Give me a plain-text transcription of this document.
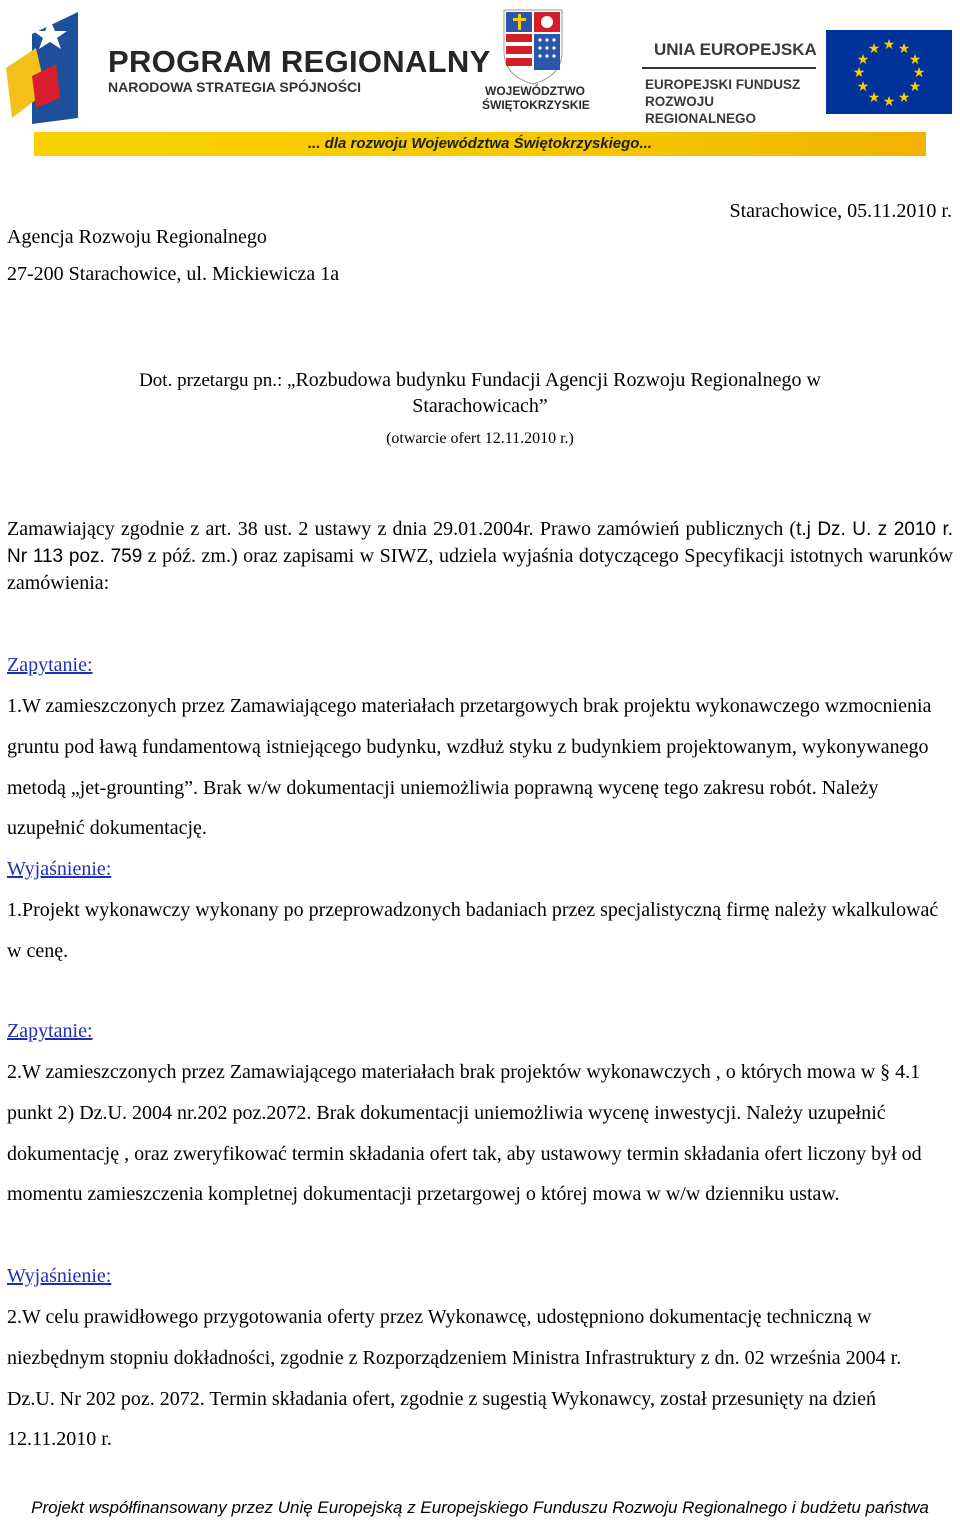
PROGRAM REGIONALNY
NARODOWA STRATEGIA SPÓJNOŚCI	WOJEWÓDZTWO
ŚWIĘTOKRZYSKIE
UNIA EUROPEJSKA
EUROPEJSKI FUNDUSZ
ROZWOJU REGIONALNEGO
★ ★
★
★
★
★
★
★
★
★
★
★
... dla rozwoju Województwa Świętokrzyskiego...
Agencja Rozwoju Regionalnego
27-200 Starachowice, ul. Mickiewicza 1a
Starachowice, 05.11.2010 r.
Dot. przetargu pn.: „Rozbudowa budynku Fundacji Agencji Rozwoju Regionalnego w
Starachowicach”
(otwarcie ofert 12.11.2010 r.)
Zamawiający zgodnie z art. 38 ust. 2 ustawy z dnia 29.01.2004r. Prawo zamówień publicznych (t.j Dz. U. z 2010 r. Nr 113 poz. 759 z póź. zm.) oraz zapisami w SIWZ, udziela wyjaśnia dotyczącego Specyfikacji istotnych warunków zamówienia:
Zapytanie:
1.W zamieszczonych przez Zamawiającego materiałach przetargowych brak projektu wykonawczego wzmocnienia gruntu pod ławą fundamentową istniejącego budynku, wzdłuż styku z budynkiem projektowanym, wykonywanego metodą „jet-grounting”. Brak w/w dokumentacji uniemożliwia poprawną wycenę tego zakresu robót. Należy uzupełnić dokumentację.
Wyjaśnienie:
1.Projekt wykonawczy wykonany po przeprowadzonych badaniach przez specjalistyczną firmę należy wkalkulować w cenę.
Zapytanie:
2.W zamieszczonych przez Zamawiającego materiałach brak projektów wykonawczych , o których mowa w § 4.1 punkt 2) Dz.U. 2004 nr.202 poz.2072. Brak dokumentacji uniemożliwia wycenę inwestycji. Należy uzupełnić dokumentację , oraz zweryfikować termin składania ofert tak, aby ustawowy termin składania ofert liczony był od momentu zamieszczenia kompletnej dokumentacji przetargowej o której mowa w w/w dzienniku ustaw.
Wyjaśnienie:
2.W celu prawidłowego przygotowania oferty przez Wykonawcę, udostępniono dokumentację techniczną w niezbędnym stopniu dokładności, zgodnie z Rozporządzeniem Ministra Infrastruktury z dn. 02 września 2004 r. Dz.U. Nr 202 poz. 2072. Termin składania ofert, zgodnie z sugestią Wykonawcy, został przesunięty na dzień 12.11.2010 r.
Projekt współfinansowany przez Unię Europejską z Europejskiego Funduszu Rozwoju Regionalnego i budżetu państwa
